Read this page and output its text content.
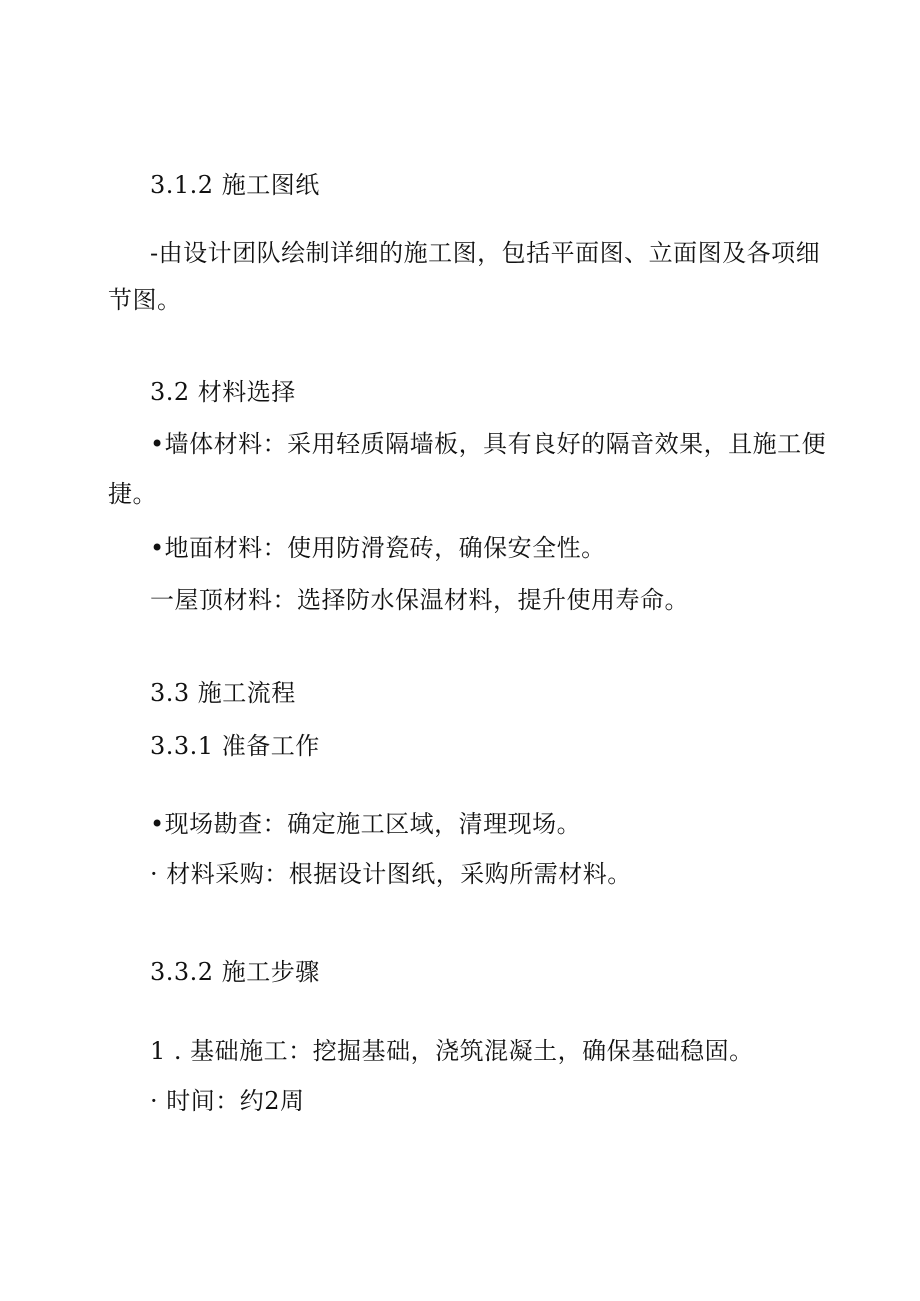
3.1.2 施工图纸
-由设计团队绘制详细的施工图，包括平面图、立面图及各项细
节图。
3.2 材料选择
•墙体材料：采用轻质隔墙板，具有良好的隔音效果，且施工便
捷。
•地面材料：使用防滑瓷砖，确保安全性。
一屋顶材料：选择防水保温材料，提升使用寿命。
3.3 施工流程
3.3.1 准备工作
•现场勘查：确定施工区域，清理现场。
· 材料采购：根据设计图纸，采购所需材料。
3.3.2 施工步骤
1 . 基础施工：挖掘基础，浇筑混凝土，确保基础稳固。
· 时间：约2周
